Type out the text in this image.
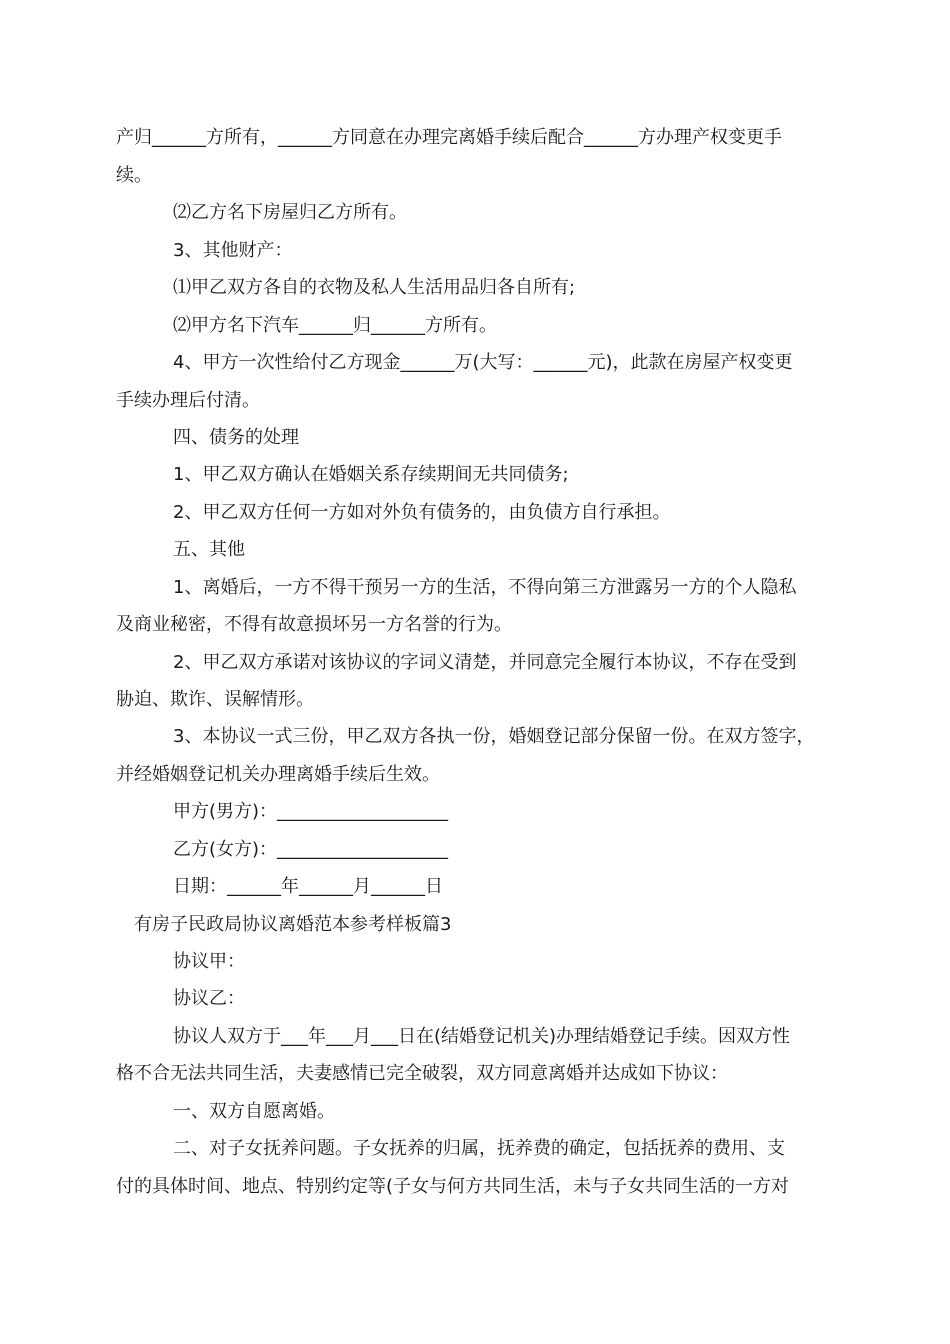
产归______方所有，______方同意在办理完离婚手续后配合______方办理产权变更手
续。
⑵乙方名下房屋归乙方所有。
3、其他财产：
⑴甲乙双方各自的衣物及私人生活用品归各自所有;
⑵甲方名下汽车______归______方所有。
4、甲方一次性给付乙方现金______万(大写：______元)，此款在房屋产权变更
手续办理后付清。
四、债务的处理
1、甲乙双方确认在婚姻关系存续期间无共同债务;
2、甲乙双方任何一方如对外负有债务的，由负债方自行承担。
五、其他
1、离婚后，一方不得干预另一方的生活，不得向第三方泄露另一方的个人隐私
及商业秘密，不得有故意损坏另一方名誉的行为。
2、甲乙双方承诺对该协议的字词义清楚，并同意完全履行本协议，不存在受到
胁迫、欺诈、误解情形。
3、本协议一式三份，甲乙双方各执一份，婚姻登记部分保留一份。在双方签字，
并经婚姻登记机关办理离婚手续后生效。
甲方(男方)：___________________
乙方(女方)：___________________
日期：______年______月______日
有房子民政局协议离婚范本参考样板篇3
协议甲：
协议乙：
协议人双方于___年___月___日在(结婚登记机关)办理结婚登记手续。因双方性
格不合无法共同生活，夫妻感情已完全破裂，双方同意离婚并达成如下协议：
一、双方自愿离婚。
二、对子女抚养问题。子女抚养的归属，抚养费的确定，包括抚养的费用、支
付的具体时间、地点、特别约定等(子女与何方共同生活，未与子女共同生活的一方对
